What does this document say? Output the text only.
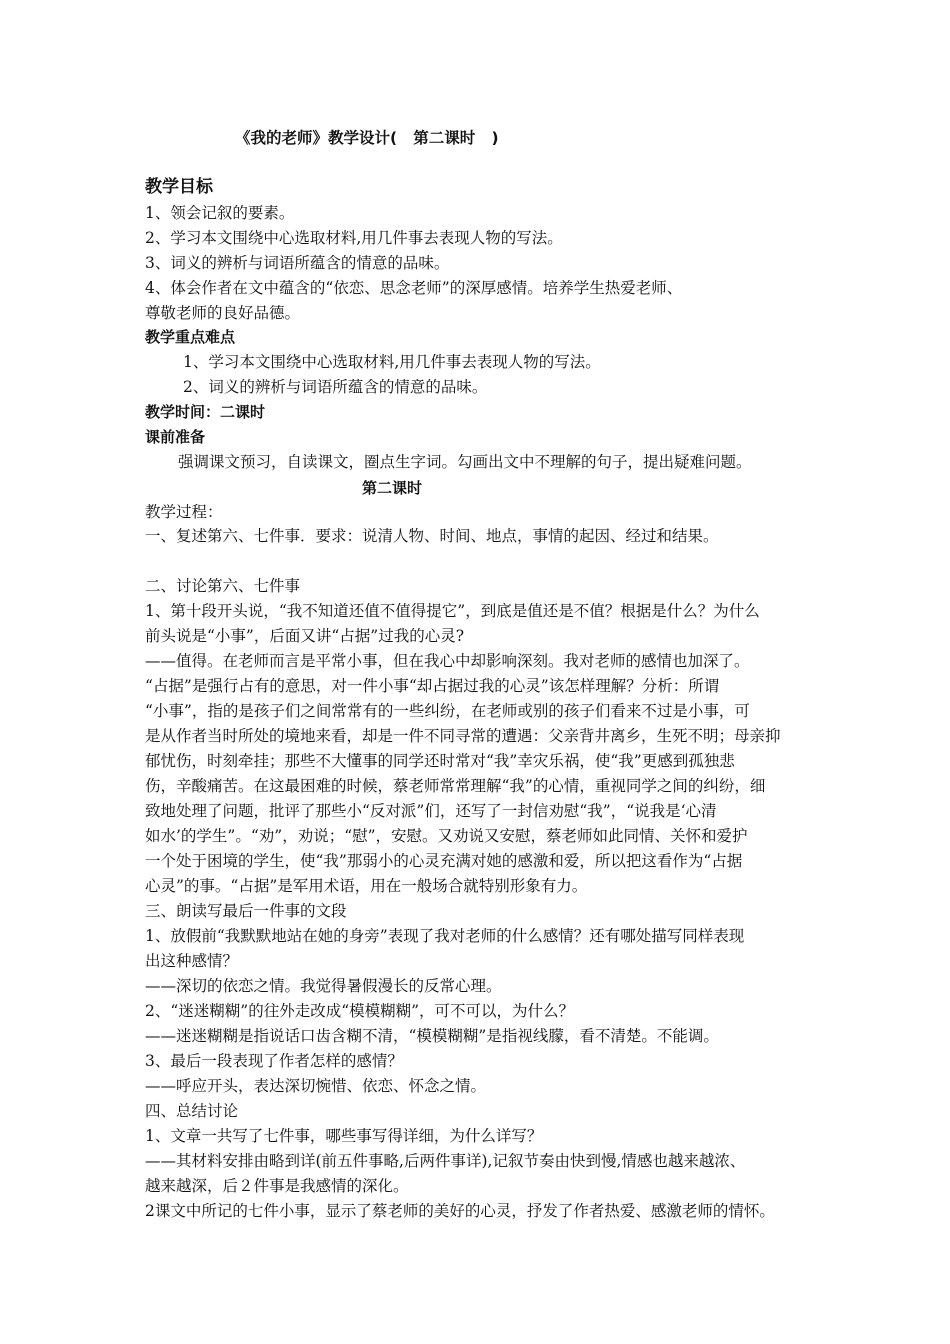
《我的老师》教学设计(   第二课时   )
教学目标
1、领会记叙的要素。
2、学习本文围绕中心选取材料,用几件事去表现人物的写法。
3、词义的辨析与词语所蕴含的情意的品味。
4、体会作者在文中蕴含的“依恋、思念老师”的深厚感情。培养学生热爱老师、
尊敬老师的良好品德。
教学重点难点
1、学习本文围绕中心选取材料,用几件事去表现人物的写法。
2、词义的辨析与词语所蕴含的情意的品味。
教学时间：二课时
课前准备
强调课文预习，自读课文，圈点生字词。勾画出文中不理解的句子，提出疑难问题。
第二课时
教学过程：
一、复述第六、七件事．要求：说清人物、时间、地点，事情的起因、经过和结果。
二、讨论第六、七件事
1、第十段开头说，“我不知道还值不值得提它”，到底是值还是不值？根据是什么？为什么
前头说是“小事”，后面又讲“占据”过我的心灵?
——值得。在老师而言是平常小事，但在我心中却影响深刻。我对老师的感情也加深了。
“占据”是强行占有的意思，对一件小事“却占据过我的心灵”该怎样理解？分析：所谓
“小事”，指的是孩子们之间常常有的一些纠纷，在老师或别的孩子们看来不过是小事，可
是从作者当时所处的境地来看，却是一件不同寻常的遭遇：父亲背井离乡，生死不明；母亲抑
郁忧伤，时刻牵挂；那些不大懂事的同学还时常对“我”幸灾乐祸，使“我”更感到孤独悲
伤，辛酸痛苦。在这最困难的时候，蔡老师常常理解“我”的心情，重视同学之间的纠纷，细
致地处理了问题，批评了那些小“反对派”们，还写了一封信劝慰“我”，“说我是‘心清
如水’的学生”。“劝”，劝说；“慰”，安慰。又劝说又安慰，蔡老师如此同情、关怀和爱护
一个处于困境的学生，使“我”那弱小的心灵充满对她的感激和爱，所以把这看作为“占据
心灵”的事。“占据”是军用术语，用在一般场合就特别形象有力。
三、朗读写最后一件事的文段
1、放假前“我默默地站在她的身旁”表现了我对老师的什么感情？还有哪处描写同样表现
出这种感情？
——深切的依恋之情。我觉得暑假漫长的反常心理。
2、“迷迷糊糊”的往外走改成“模模糊糊”，可不可以，为什么？
——迷迷糊糊是指说话口齿含糊不清，“模模糊糊”是指视线朦，看不清楚。不能调。
3、最后一段表现了作者怎样的感情？
——呼应开头，表达深切惋惜、依恋、怀念之情。
四、总结讨论
1、文章一共写了七件事，哪些事写得详细，为什么详写？
——其材料安排由略到详(前五件事略,后两件事详),记叙节奏由快到慢,情感也越来越浓、
越来越深，后２件事是我感情的深化。
2课文中所记的七件小事，显示了蔡老师的美好的心灵，抒发了作者热爱、感激老师的情怀。
